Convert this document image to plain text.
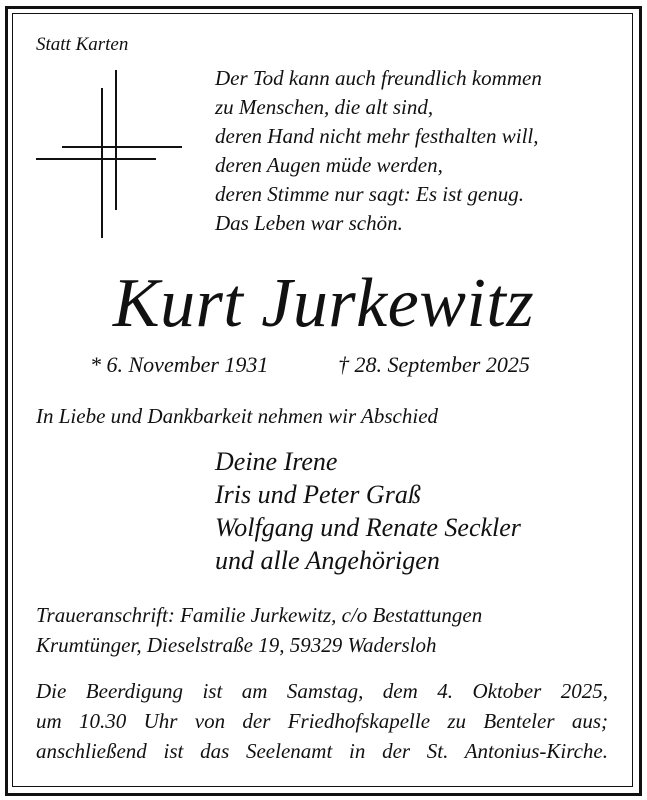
Statt Karten

Der Tod kann auch freundlich kommen
zu Menschen, die alt sind,
deren Hand nicht mehr festhalten will,
deren Augen müde werden,
deren Stimme nur sagt: Es ist genug.
Das Leben war schön.
Kurt Jurkewitz
* 6. November 1931	† 28. September 2025

In Liebe und Dankbarkeit nehmen wir Abschied

Deine Irene
Iris und Peter Graß
Wolfgang und Renate Seckler
und alle Angehörigen
Traueranschrift: Familie Jurkewitz, c/o Bestattungen
Krumtünger, Dieselstraße 19, 59329 Wadersloh
Die Beerdigung ist am Samstag, dem 4. Oktober 2025,
um 10.30 Uhr von der Friedhofskapelle zu Benteler aus;
anschließend ist das Seelenamt in der St. Antonius-Kirche.
